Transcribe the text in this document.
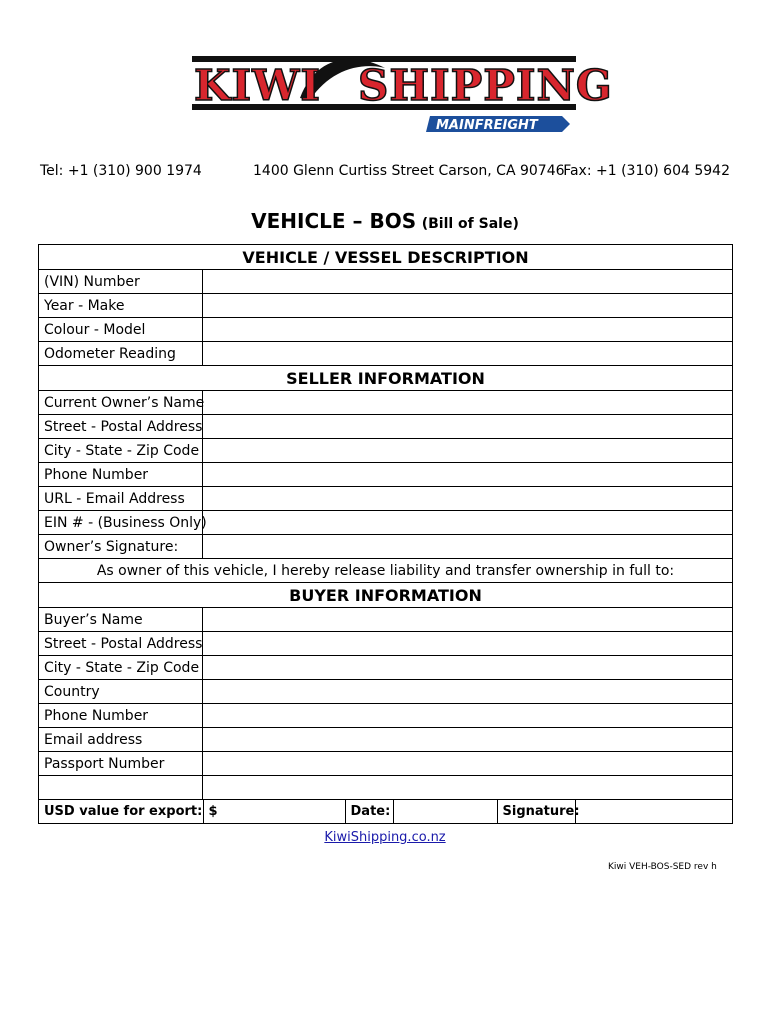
KIWI SHIPPING
MAINFREIGHT
Tel: +1 (310) 900 1974	1400 Glenn Curtiss Street Carson, CA 90746
Fax: +1 (310) 604 5942
VEHICLE – BOS (Bill of Sale)
VEHICLE / VESSEL DESCRIPTION
(VIN) Number	
Year - Make	
Colour - Model	
Odometer Reading	
SELLER INFORMATION
Current Owner’s Name	
Street - Postal Address	
City - State - Zip Code	
Phone Number	
URL - Email Address	
EIN # - (Business Only)	
Owner’s Signature:	
As owner of this vehicle, I hereby release liability and transfer ownership in full to:
BUYER INFORMATION
Buyer’s Name	
Street - Postal Address	
City - State - Zip Code	
Country	
Phone Number	
Email address	
Passport Number	

USD value for export:	$	Date:		Signature:	
KiwiShipping.co.nz
Kiwi VEH-BOS-SED rev h
